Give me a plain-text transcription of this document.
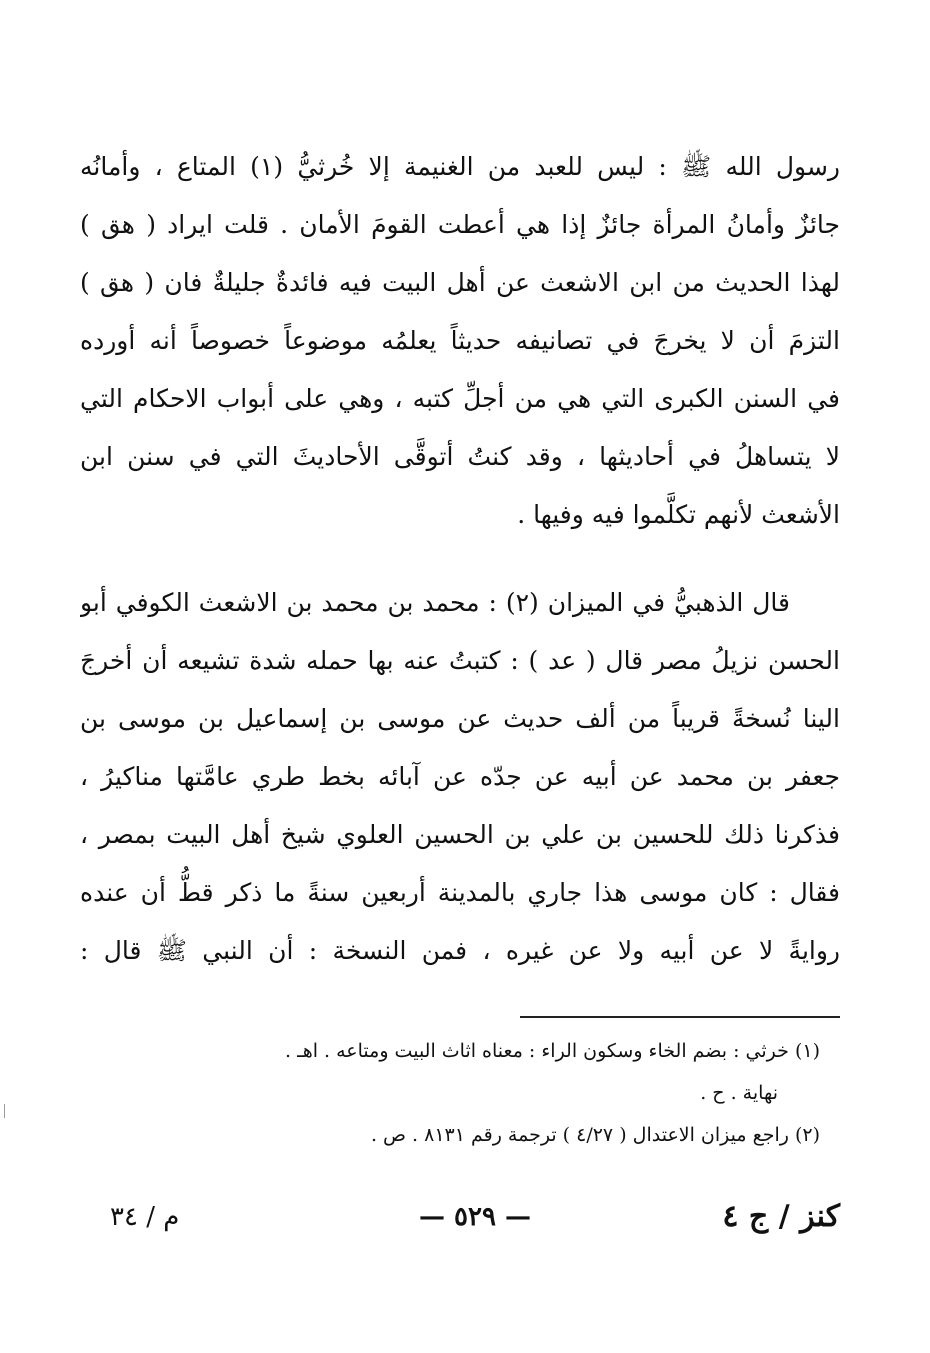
رسول الله ﷺ : ليس للعبد من الغنيمة إلا خُرثيُّ (١) المتاع ، وأمانُه
جائزٌ وأمانُ المرأة جائزٌ إذا هي أعطت القومَ الأمان . قلت ايراد ( هق )
لهذا الحديث من ابن الاشعث عن أهل البيت فيه فائدةٌ جليلةٌ فان ( هق )
التزمَ أن لا يخرجَ في تصانيفه حديثاً يعلمُه موضوعاً خصوصاً أنه أورده
في السنن الكبرى التي هي من أجلِّ كتبه ، وهي على أبواب الاحكام التي
لا يتساهلُ في أحاديثها ، وقد كنتُ أتوقَّى الأحاديثَ التي في سنن ابن
الأشعث لأنهم تكلَّموا فيه وفيها .
قال الذهبيُّ في الميزان (٢) : محمد بن محمد بن الاشعث الكوفي أبو
الحسن نزيلُ مصر قال ( عد ) : كتبتُ عنه بها حمله شدة تشيعه أن أخرجَ
الينا نُسخةً قريباً من ألف حديث عن موسى بن إسماعيل بن موسى بن
جعفر بن محمد عن أبيه عن جدّه عن آبائه بخط طري عامَّتها مناكيرُ ،
فذكرنا ذلك للحسين بن علي بن الحسين العلوي شيخ أهل البيت بمصر ،
فقال : كان موسى هذا جاري بالمدينة أربعين سنةً ما ذكر قطُّ أن عنده
روايةً لا عن أبيه ولا عن غيره ، فمن النسخة : أن النبي ﷺ قال :
(١) خرثي : بضم الخاء وسكون الراء : معناه اثاث البيت ومتاعه . اهـ .
نهاية . ح .
(٢) راجع ميزان الاعتدال ( ٤/٢٧ ) ترجمة رقم ٨١٣١ . ص .
كنز / ج ٤
— ٥٢٩ —
م / ٣٤
